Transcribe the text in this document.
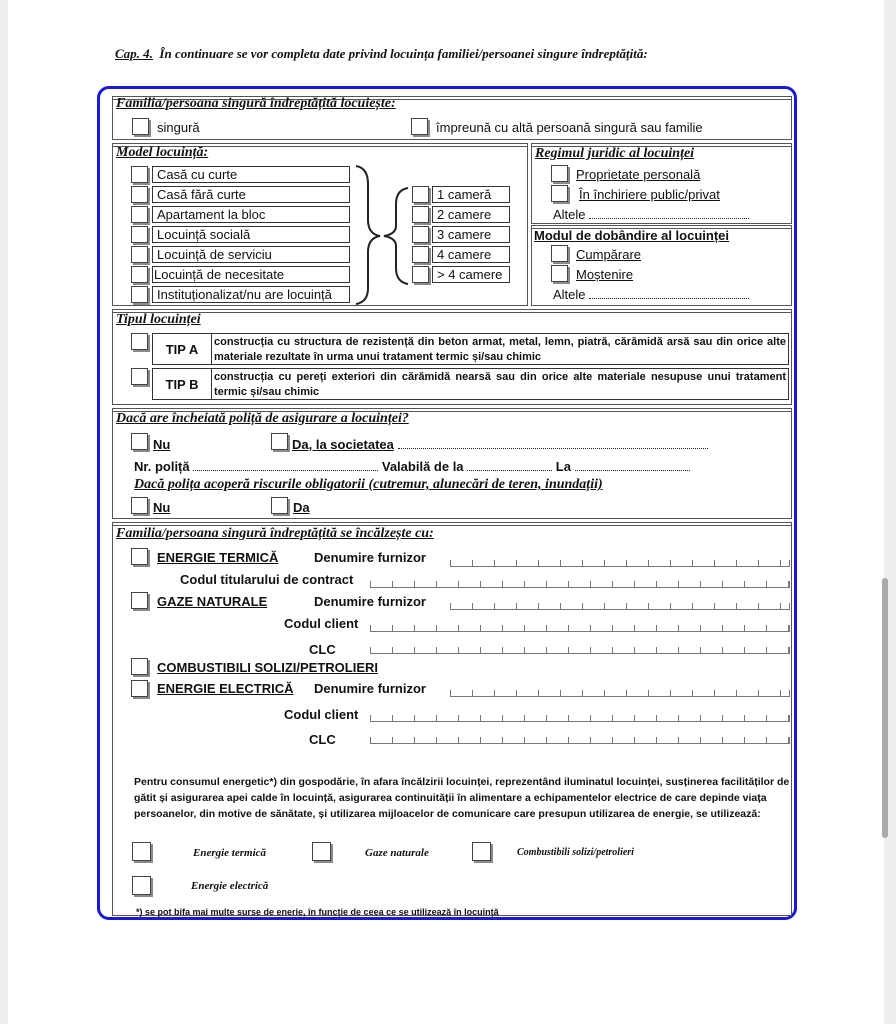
Cap. 4. În continuare se vor completa date privind locuința familiei/persoanei singure îndreptățită:
Familia/persoana singură îndreptățită locuiește:
singură	împreună cu altă persoană singură sau familie
Model locuință:
Casă cu curte
Casă fără curte
Apartament la bloc
Locuință socială
Locuință de serviciu
Locuință de necesitate
Instituționalizat/nu are locuință
1 cameră
2 camere
3 camere
4 camere
> 4 camere
Regimul juridic al locuinței
Proprietate personală
În închiriere public/privat
Altele
Modul de dobândire al locuinței
Cumpărare
Moștenire
Altele
Tipul locuinței
TIP A	construcția cu structura de rezistență din beton armat, metal, lemn, piatră, cărămidă arsă sau din orice alte materiale rezultate în urma unui tratament termic și/sau chimic
TIP B	construcția cu pereți exteriori din cărămidă nearsă sau din orice alte materiale nesupuse unui tratament termic și/sau chimic
Dacă are încheiată poliță de asigurare a locuinței?
Nu	Da, la societatea
Nr. poliță	Valabilă de la	La
Dacă polița acoperă riscurile obligatorii (cutremur, alunecări de teren, inundații)
Nu	Da
Familia/persoana singură îndreptățită se încălzește cu:
ENERGIE TERMICĂ	Denumire furnizor
Codul titularului de contract
GAZE NATURALE	Denumire furnizor
Codul client
CLC
COMBUSTIBILI SOLIZI/PETROLIERI
ENERGIE ELECTRICĂ Denumire furnizor
Codul client
CLC
Pentru consumul energetic*) din gospodărie, în afara încălzirii locuinței, reprezentând iluminatul locuinței, susținerea facilităților de gătit și asigurarea apei calde în locuință, asigurarea continuității în alimentare a echipamentelor electrice de care depinde viața persoanelor, din motive de sănătate, și utilizarea mijloacelor de comunicare care presupun utilizarea de energie, se utilizează:
Energie termică	Gaze naturale	Combustibili solizi/petrolieri
Energie electrică
*) se pot bifa mai multe surse de enerie, în funcție de ceea ce se utilizează în locuință
